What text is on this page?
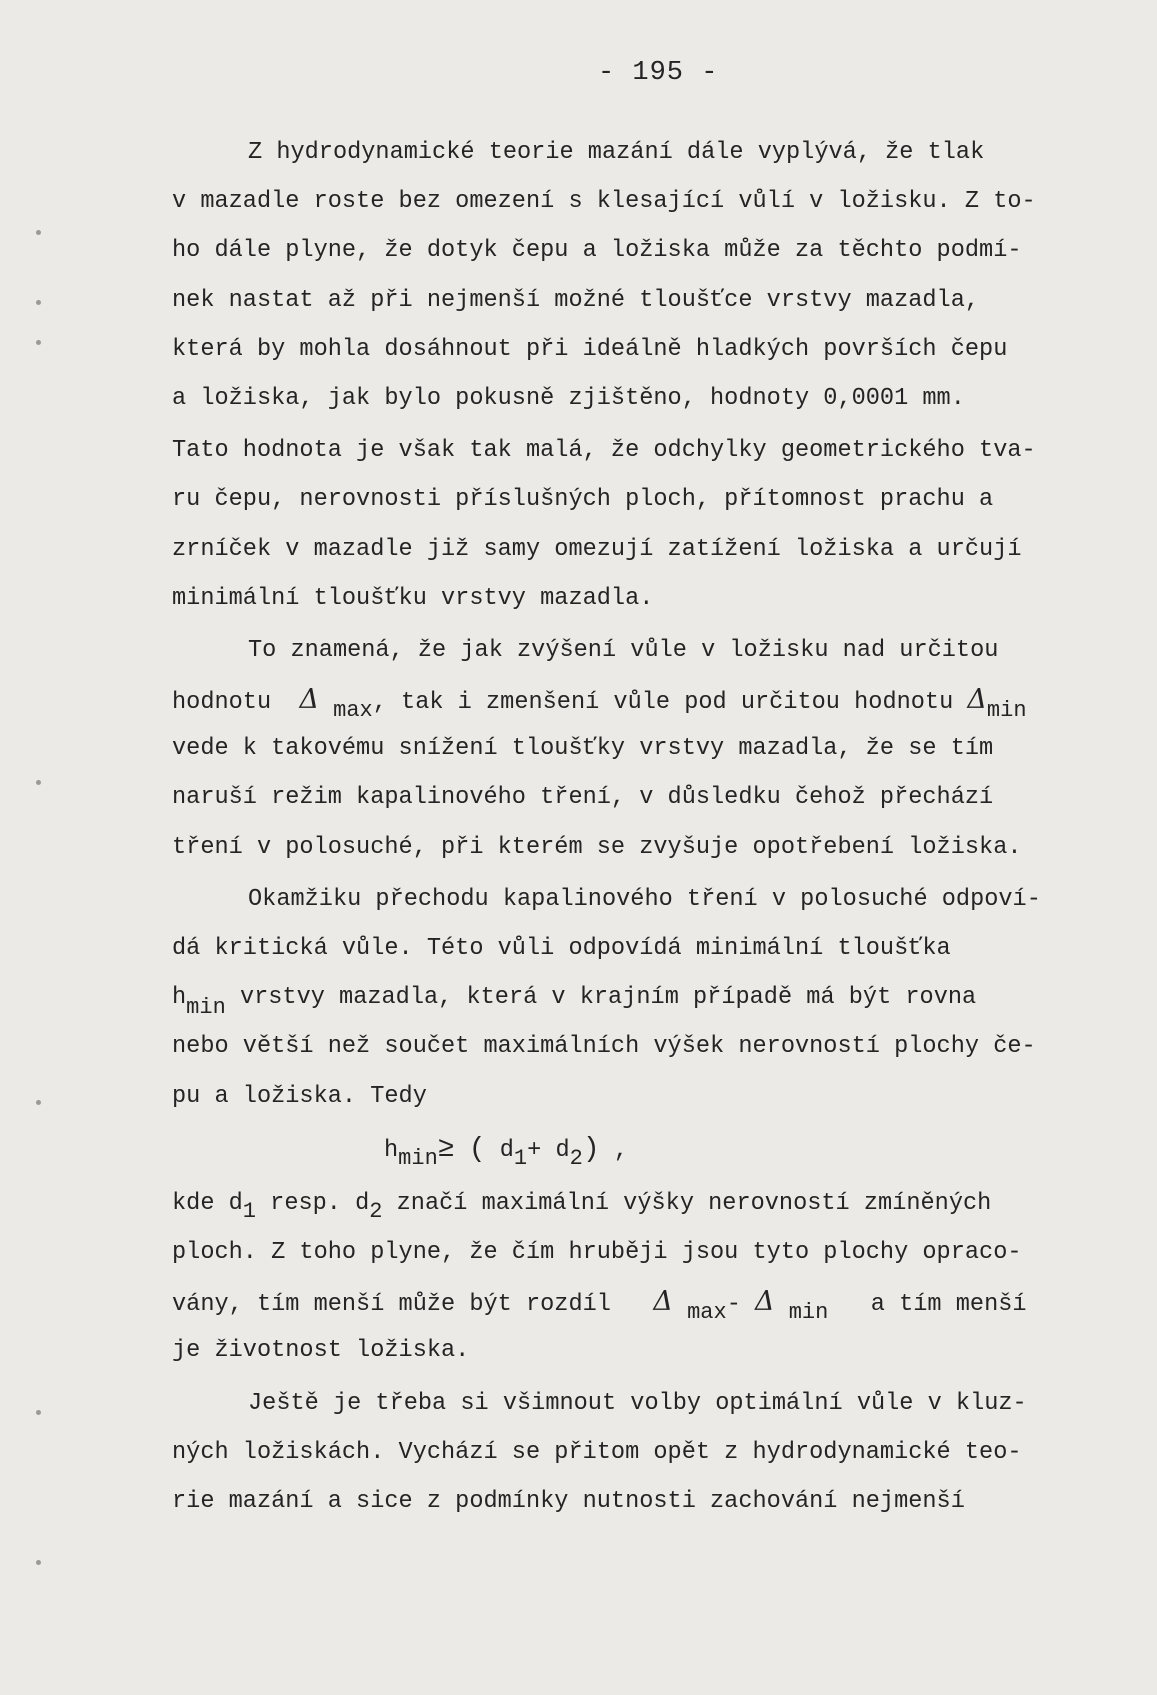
- 195 -
Z hydrodynamické teorie mazání dále vyplývá, že tlak
v mazadle roste bez omezení s klesající vůlí v ložisku. Z to-
ho dále plyne, že dotyk čepu a ložiska může za těchto podmí-
nek nastat až při nejmenší možné tloušťce vrstvy mazadla,
která by mohla dosáhnout při ideálně hladkých površích čepu
a ložiska, jak bylo pokusně zjištěno, hodnoty 0,0001 mm.
Tato hodnota je však tak malá, že odchylky geometrického tva-
ru čepu, nerovnosti příslušných ploch, přítomnost prachu a
zrníček v mazadle již samy omezují zatížení ložiska a určují
minimální tloušťku vrstvy mazadla.
To znamená, že jak zvýšení vůle v ložisku nad určitou
hodnotu Δ max, tak i zmenšení vůle pod určitou hodnotu Δmin
vede k takovému snížení tloušťky vrstvy mazadla, že se tím
naruší režim kapalinového tření, v důsledku čehož přechází
tření v polosuché, při kterém se zvyšuje opotřebení ložiska.
Okamžiku přechodu kapalinového tření v polosuché odpoví-
dá kritická vůle. Této vůli odpovídá minimální tloušťka
hmin vrstvy mazadla, která v krajním případě má být rovna
nebo větší než součet maximálních výšek nerovností plochy če-
pu a ložiska. Tedy
hmin≥ ( d1+ d2) ,
kde d1 resp. d2 značí maximální výšky nerovností zmíněných
ploch. Z toho plyne, že čím hruběji jsou tyto plochy opraco-
vány, tím menší může být rozdíl Δ max- Δ min a tím menší
je životnost ložiska.
Ještě je třeba si všimnout volby optimální vůle v kluz-
ných ložiskách. Vychází se přitom opět z hydrodynamické teo-
rie mazání a sice z podmínky nutnosti zachování nejmenší
